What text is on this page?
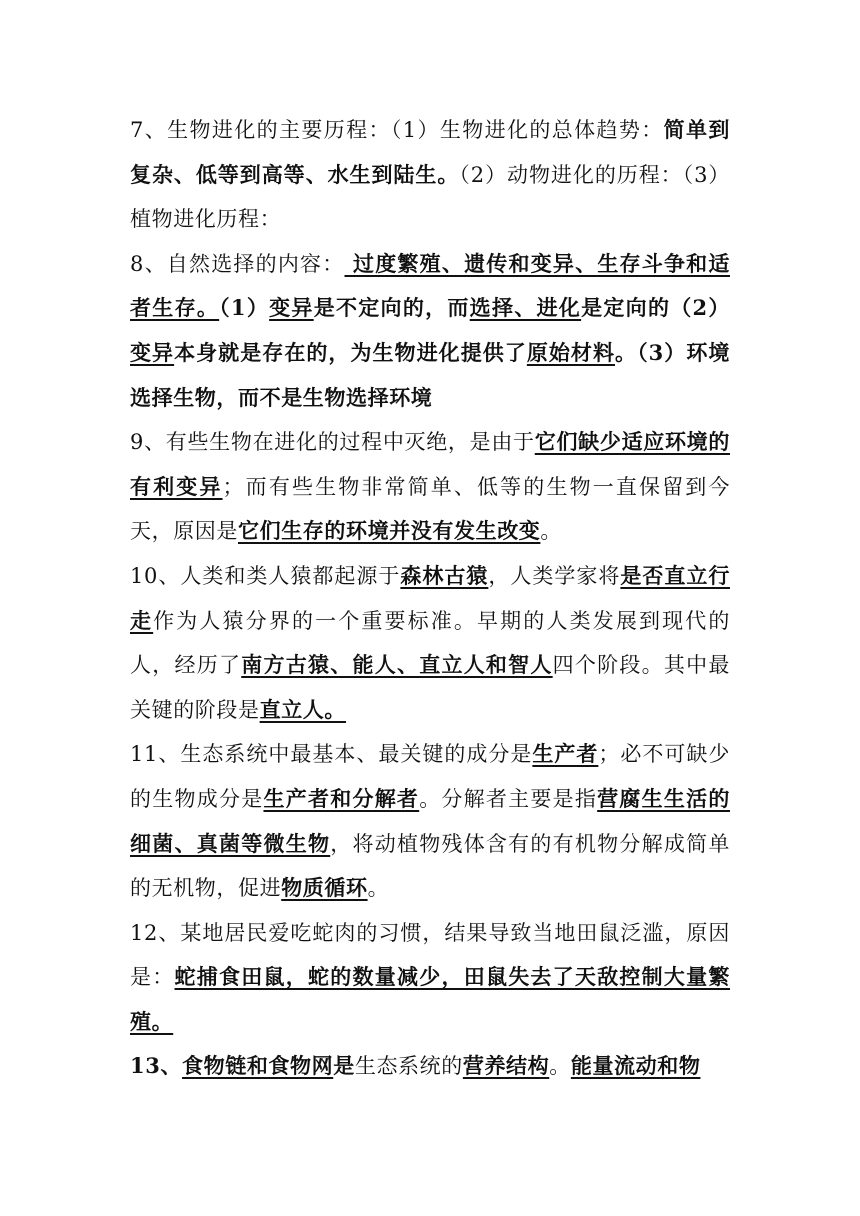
7、生物进化的主要历程：（1）生物进化的总体趋势：简单到复杂、低等到高等、水生到陆生。（2）动物进化的历程：（3）植物进化历程：

8、自然选择的内容： 过度繁殖、遗传和变异、生存斗争和适者生存。（1）变异是不定向的，而选择、进化是定向的（2）变异本身就是存在的，为生物进化提供了原始材料。（3）环境选择生物，而不是生物选择环境

9、有些生物在进化的过程中灭绝，是由于它们缺少适应环境的有利变异；而有些生物非常简单、低等的生物一直保留到今天，原因是它们生存的环境并没有发生改变。

10、人类和类人猿都起源于森林古猿，人类学家将是否直立行走作为人猿分界的一个重要标准。早期的人类发展到现代的人，经历了南方古猿、能人、直立人和智人四个阶段。其中最关键的阶段是直立人。

11、生态系统中最基本、最关键的成分是生产者；必不可缺少的生物成分是生产者和分解者。分解者主要是指营腐生生活的细菌、真菌等微生物，将动植物残体含有的有机物分解成简单的无机物，促进物质循环。

12、某地居民爱吃蛇肉的习惯，结果导致当地田鼠泛滥，原因是：蛇捕食田鼠，蛇的数量减少，田鼠失去了天敌控制大量繁殖。

13、食物链和食物网是生态系统的营养结构。能量流动和物
